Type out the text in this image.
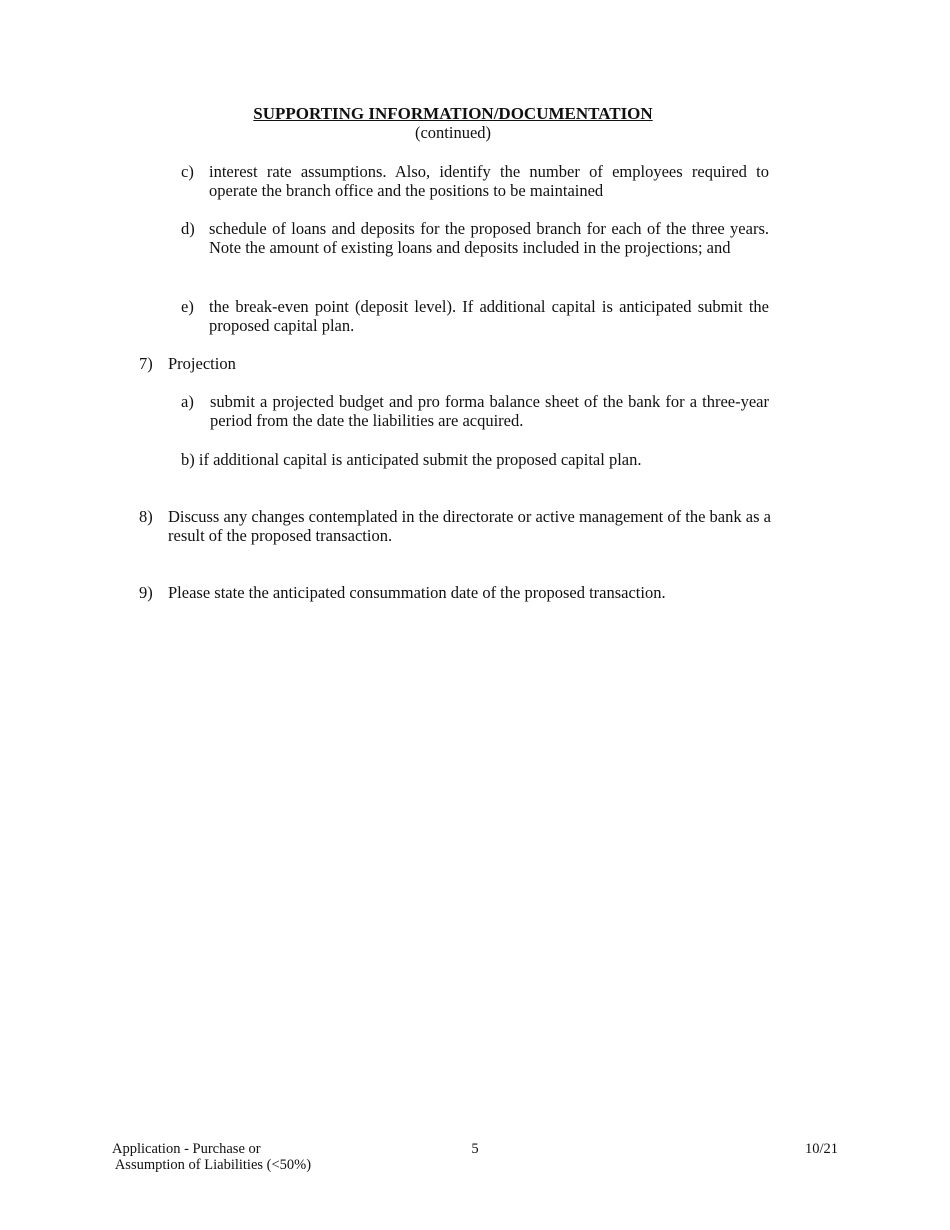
SUPPORTING INFORMATION/DOCUMENTATION
(continued)
c) interest rate assumptions. Also, identify the number of employees required to operate the branch office and the positions to be maintained
d) schedule of loans and deposits for the proposed branch for each of the three years. Note the amount of existing loans and deposits included in the projections; and
e) the break-even point (deposit level). If additional capital is anticipated submit the proposed capital plan.
7) Projection
a) submit a projected budget and pro forma balance sheet of the bank for a three-year period from the date the liabilities are acquired.
b) if additional capital is anticipated submit the proposed capital plan.
8) Discuss any changes contemplated in the directorate or active management of the bank as a result of the proposed transaction.
9) Please state the anticipated consummation date of the proposed transaction.
Application - Purchase or
Assumption of Liabilities (<50%)
5	10/21
